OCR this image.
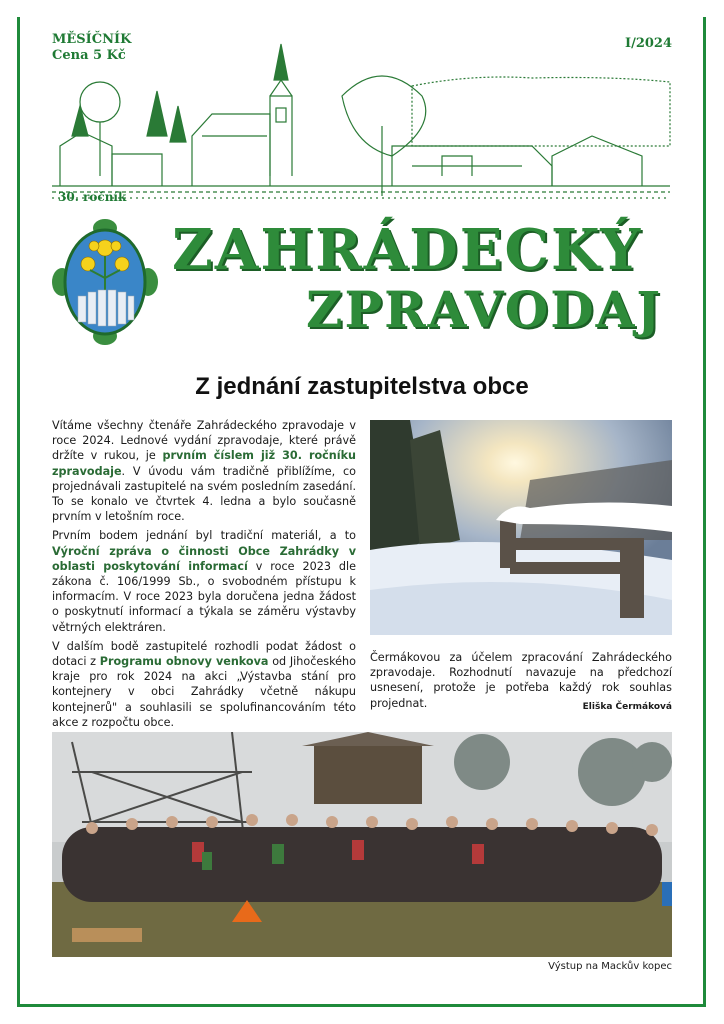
MĚSÍČNÍK
Cena 5 Kč
I/2024
30. ročník
ZAHRÁDECKÝ
ZPRAVODAJ
Z jednání zastupitelstva obce

Vítáme všechny čtenáře Zahrádeckého zpravodaje v roce 2024. Lednové vydání zpravodaje, které právě držíte v rukou, je prvním číslem již 30. ročníku zpravodaje. V úvodu vám tradičně přiblížíme, co projednávali zastupitelé na svém posledním zasedání. To se konalo ve čtvrtek 4. ledna a bylo současně prvním v letošním roce.

Prvním bodem jednání byl tradiční materiál, a to Výroční zpráva o činnosti Obce Zahrádky v oblasti poskytování informací v roce 2023 dle zákona č. 106/1999 Sb., o svobodném přístupu k informacím. V roce 2023 byla doručena jedna žádost o poskytnutí informací a týkala se záměru výstavby větrných elektráren.

V dalším bodě zastupitelé rozhodli podat žádost o dotaci z Programu obnovy venkova od Jihočeského kraje pro rok 2024 na akci „Výstavba stání pro kontejnery v obci Zahrádky včetně nákupu kontejnerů" a souhlasili se spolufinancováním této akce z rozpočtu obce.

Čermákovou za účelem zpracování Zahrádeckého zpravodaje. Rozhodnutí navazuje na předchozí usnesení, protože je potřeba každý rok souhlas projednat.	Eliška Čermáková
Výstup na Mackův kopec
